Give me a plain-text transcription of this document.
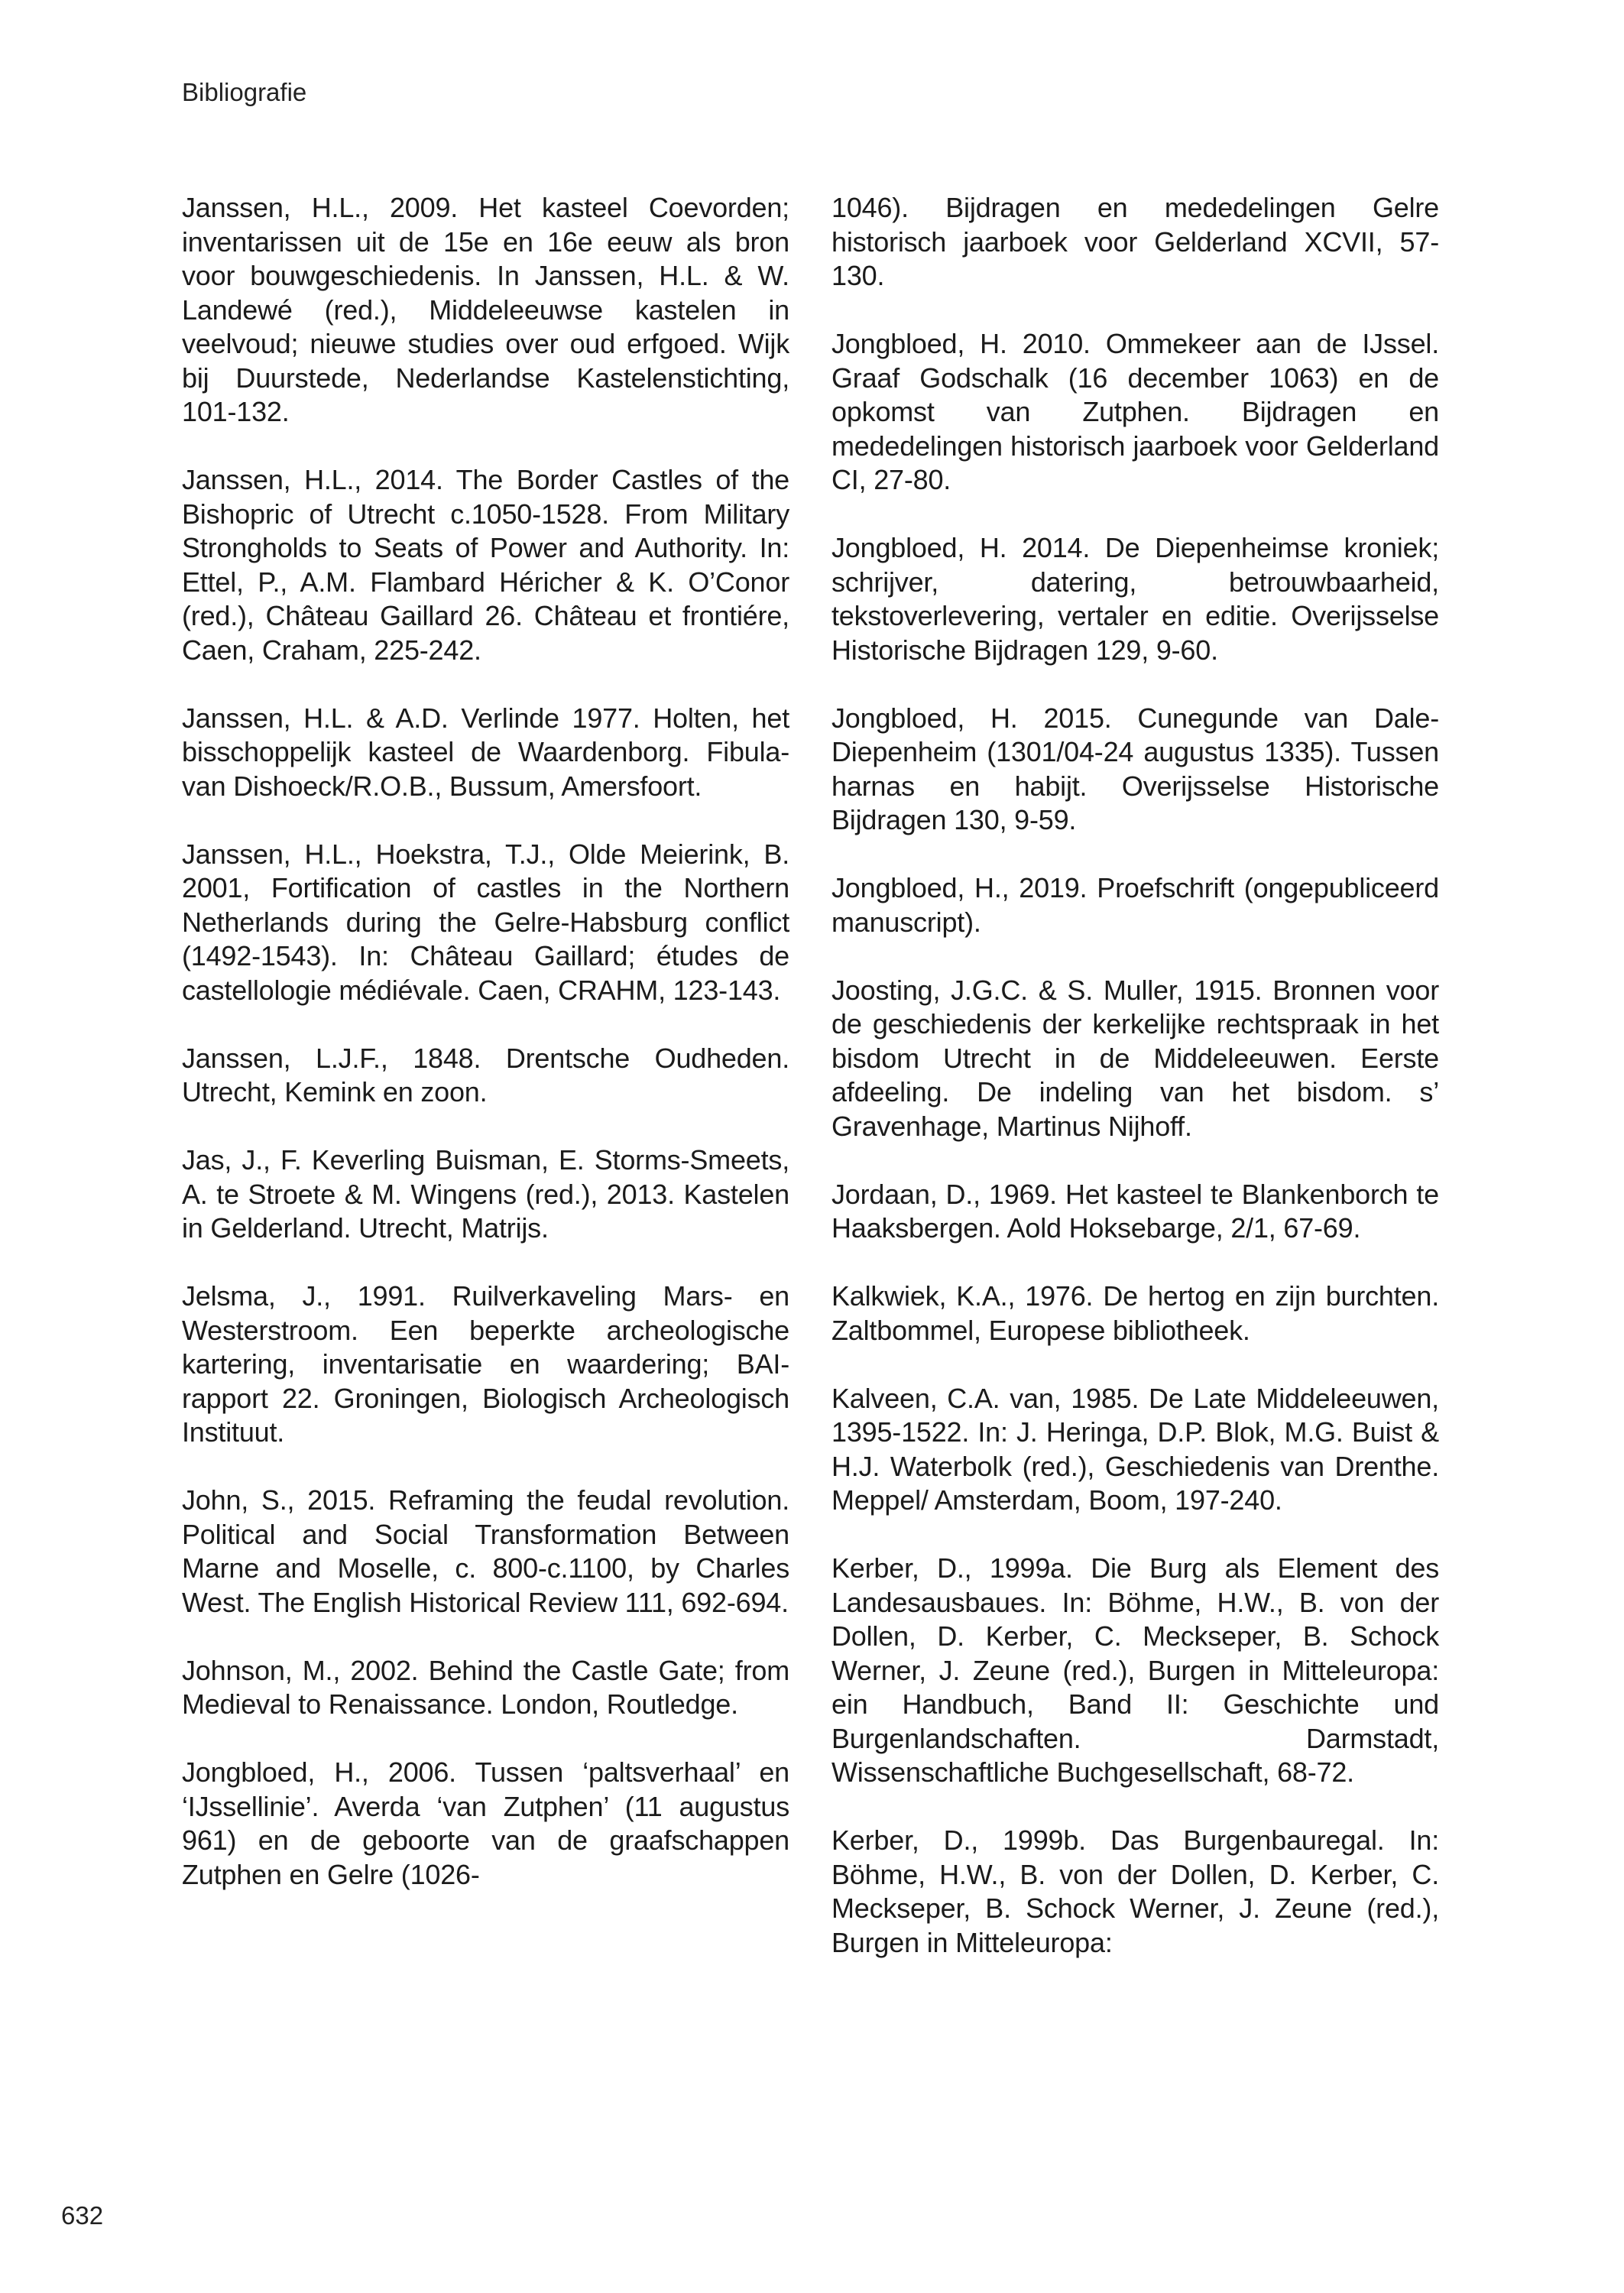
Bibliografie

Janssen, H.L., 2009. Het kasteel Coevorden; inventarissen uit de 15e en 16e eeuw als bron voor bouwgeschiedenis. In Janssen, H.L. & W. Landewé (red.), Middeleeuwse kastelen in veelvoud; nieuwe studies over oud erfgoed. Wijk bij Duurstede, Nederlandse Kastelenstichting, 101-132.

Janssen, H.L., 2014. The Border Castles of the Bishopric of Utrecht c.1050-1528. From Military Strongholds to Seats of Power and Authority. In: Ettel, P., A.M. Flambard Héricher & K. O’Conor (red.), Château Gaillard 26. Château et frontiére, Caen, Craham, 225-242.

Janssen, H.L. & A.D. Verlinde 1977. Holten, het bisschoppelijk kasteel de Waardenborg. Fibula-van Dishoeck/R.O.B., Bussum, Amersfoort.

Janssen, H.L., Hoekstra, T.J., Olde Meierink, B. 2001, Fortification of castles in the Northern Netherlands during the Gelre-Habsburg conflict (1492-1543). In: Château Gaillard; études de castellologie médiévale. Caen, CRAHM, 123-143.

Janssen, L.J.F., 1848. Drentsche Oudheden. Utrecht, Kemink en zoon.

Jas, J., F. Keverling Buisman, E. Storms-Smeets, A. te Stroete & M. Wingens (red.), 2013. Kastelen in Gelderland. Utrecht, Matrijs.

Jelsma, J., 1991. Ruilverkaveling Mars- en Westerstroom. Een beperkte archeologische kartering, inventarisatie en waardering; BAI-rapport 22. Groningen, Biologisch Archeologisch Instituut.

John, S., 2015. Reframing the feudal revolution. Political and Social Transformation Between Marne and Moselle, c. 800-c.1100, by Charles West. The English Historical Review 111, 692-694.

Johnson, M., 2002. Behind the Castle Gate; from Medieval to Renaissance. London, Routledge.

Jongbloed, H., 2006. Tussen ‘paltsverhaal’ en ‘IJssellinie’. Averda ‘van Zutphen’ (11 augustus 961) en de geboorte van de graafschappen Zutphen en Gelre (1026-

1046). Bijdragen en mededelingen Gelre historisch jaarboek voor Gelderland XCVII, 57-130.

Jongbloed, H. 2010. Ommekeer aan de IJssel. Graaf Godschalk (16 december 1063) en de opkomst van Zutphen. Bijdragen en mededelingen historisch jaarboek voor Gelderland CI, 27-80.

Jongbloed, H. 2014. De Diepenheimse kroniek; schrijver, datering, betrouwbaarheid, tekstoverlevering, vertaler en editie. Overijsselse Historische Bijdragen 129, 9-60.

Jongbloed, H. 2015. Cunegunde van Dale-Diepenheim (1301/04-24 augustus 1335). Tussen harnas en habijt. Overijsselse Historische Bijdragen 130, 9-59.

Jongbloed, H., 2019. Proefschrift (ongepubliceerd manuscript).

Joosting, J.G.C. & S. Muller, 1915. Bronnen voor de geschiedenis der kerkelijke rechtspraak in het bisdom Utrecht in de Middeleeuwen. Eerste afdeeling. De indeling van het bisdom. s’ Gravenhage, Martinus Nijhoff.

Jordaan, D., 1969. Het kasteel te Blankenborch te Haaksbergen. Aold Hoksebarge, 2/1, 67-69.

Kalkwiek, K.A., 1976. De hertog en zijn burchten. Zaltbommel, Europese bibliotheek.

Kalveen, C.A. van, 1985. De Late Middeleeuwen, 1395-1522. In: J. Heringa, D.P. Blok, M.G. Buist & H.J. Waterbolk (red.), Geschiedenis van Drenthe. Meppel/ Amsterdam, Boom, 197-240.

Kerber, D., 1999a. Die Burg als Element des Landesausbaues. In: Böhme, H.W., B. von der Dollen, D. Kerber, C. Meckseper, B. Schock Werner, J. Zeune (red.), Burgen in Mitteleuropa: ein Handbuch, Band II: Geschichte und Burgenlandschaften. Darmstadt, Wissenschaftliche Buchgesellschaft, 68-72.

Kerber, D., 1999b. Das Burgenbauregal. In: Böhme, H.W., B. von der Dollen, D. Kerber, C. Meckseper, B. Schock Werner, J. Zeune (red.), Burgen in Mitteleuropa:

632
